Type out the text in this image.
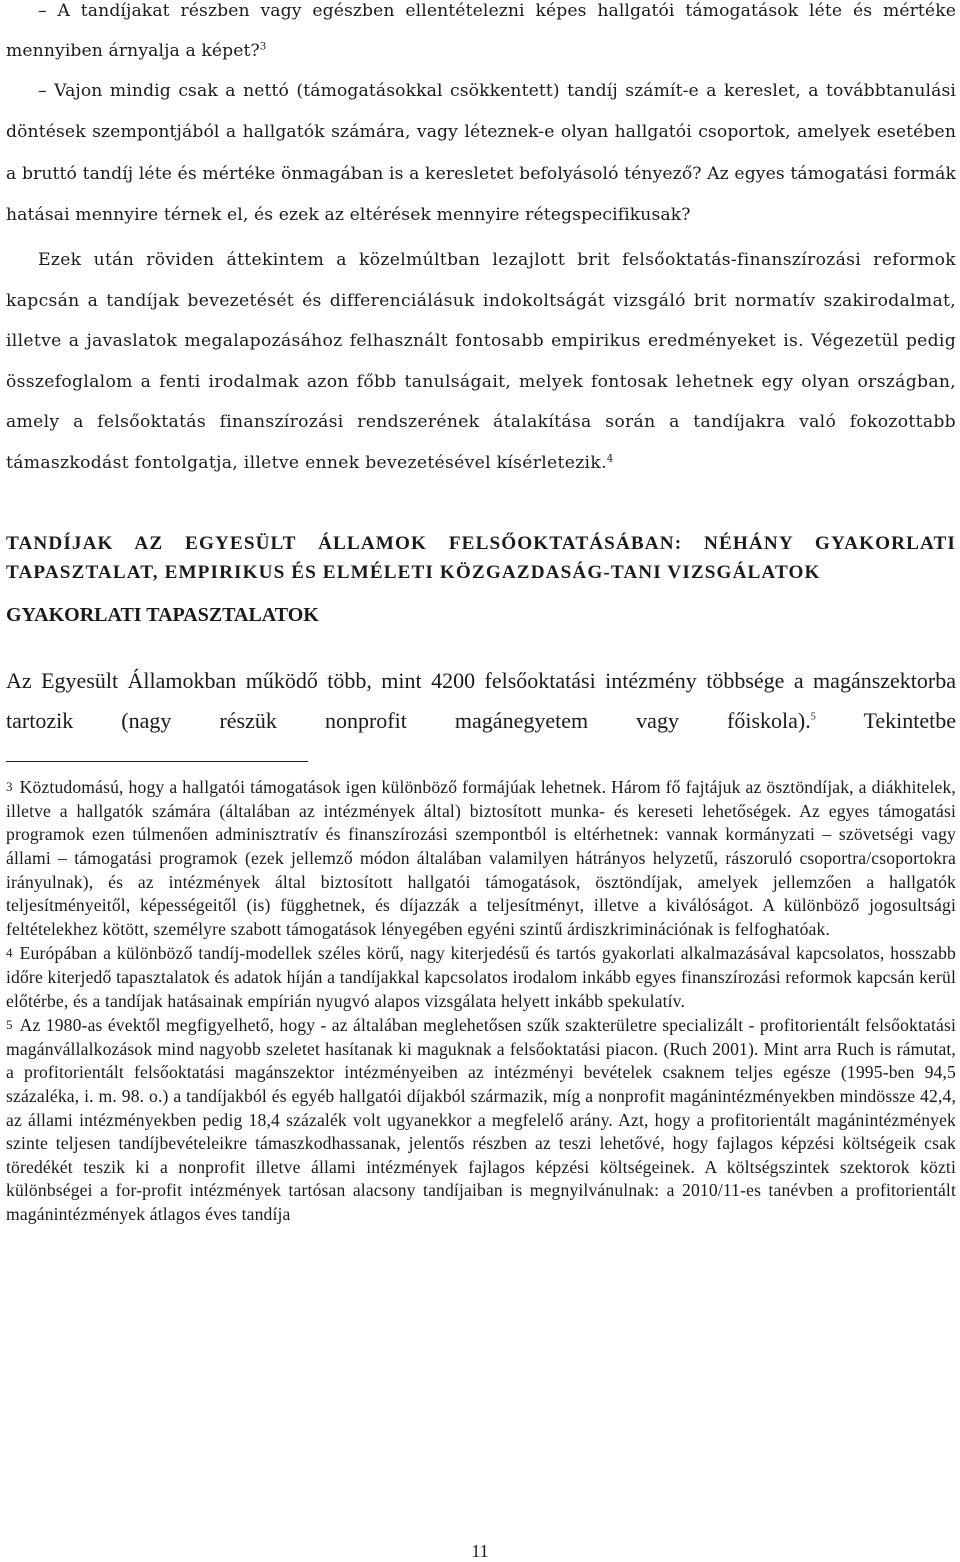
– A tandíjakat részben vagy egészben ellentételezni képes hallgatói támogatások léte és mértéke mennyiben árnyalja a képet?$^3$

– Vajon mindig csak a nettó (támogatásokkal csökkentett) tandíj számít-e a kereslet, a továbbtanulási döntések szempontjából a hallgatók számára, vagy léteznek-e olyan hallgatói csoportok, amelyek esetében a bruttó tandíj léte és mértéke önmagában is a keresletet befolyásoló tényező? Az egyes támogatási formák hatásai mennyire térnek el, és ezek az eltérések mennyire rétegspecifikusak?

Ezek után röviden áttekintem a közelmúltban lezajlott brit felsőoktatás-finanszírozási reformok kapcsán a tandíjak bevezetését és differenciálásuk indokoltságát vizsgáló brit normatív szakirodalmat, illetve a javaslatok megalapozásához felhasznált fontosabb empirikus eredményeket is. Végezetül pedig összefoglalom a fenti irodalmak azon főbb tanulságait, melyek fontosak lehetnek egy olyan országban, amely a felsőoktatás finanszírozási rendszerének átalakítása során a tandíjakra való fokozottabb támaszkodást fontolgatja, illetve ennek bevezetésével kísérletezik.$^4$

TANDÍJAK AZ EGYESÜLT ÁLLAMOK FELSŐOKTATÁSÁBAN: NÉHÁNY GYAKORLATI TAPASZTALAT, EMPIRIKUS ÉS ELMÉLETI KÖZGAZDASÁG-TANI VIZSGÁLATOK
GYAKORLATI TAPASZTALATOK

Az Egyesült Államokban működő több, mint 4200 felsőoktatási intézmény többsége a magánszektorba tartozik (nagy részük nonprofit magánegyetem vagy főiskola).$^5$ Tekintetbe

3 Köztudomású, hogy a hallgatói támogatások igen különböző formájúak lehetnek. Három fő fajtájuk az ösztöndíjak, a diákhitelek, illetve a hallgatók számára (általában az intézmények által) biztosított munka- és kereseti lehetőségek. Az egyes támogatási programok ezen túlmenően adminisztratív és finanszírozási szempontból is eltérhetnek: vannak kormányzati – szövetségi vagy állami – támogatási programok (ezek jellemző módon általában valamilyen hátrányos helyzetű, rászoruló csoportra/csoportokra irányulnak), és az intézmények által biztosított hallgatói támogatások, ösztöndíjak, amelyek jellemzően a hallgatók teljesítményeitől, képességeitől (is) függhetnek, és díjazzák a teljesítményt, illetve a kiválóságot. A különböző jogosultsági feltételekhez kötött, személyre szabott támogatások lényegében egyéni szintű árdiszkriminációnak is felfoghatóak.

4 Európában a különböző tandíj-modellek széles körű, nagy kiterjedésű és tartós gyakorlati alkalmazásával kapcsolatos, hosszabb időre kiterjedő tapasztalatok és adatok híján a tandíjakkal kapcsolatos irodalom inkább egyes finanszírozási reformok kapcsán kerül előtérbe, és a tandíjak hatásainak empírián nyugvó alapos vizsgálata helyett inkább spekulatív.

5 Az 1980-as évektől megfigyelhető, hogy - az általában meglehetősen szűk szakterületre specializált - profitorientált felsőoktatási magánvállalkozások mind nagyobb szeletet hasítanak ki maguknak a felsőoktatási piacon. (Ruch 2001). Mint arra Ruch is rámutat, a profitorientált felsőoktatási magánszektor intézményeiben az intézményi bevételek csaknem teljes egésze (1995-ben 94,5 százaléka, i. m. 98. o.) a tandíjakból és egyéb hallgatói díjakból származik, míg a nonprofit magánintézményekben mindössze 42,4, az állami intézményekben pedig 18,4 százalék volt ugyanekkor a megfelelő arány. Azt, hogy a profitorientált magánintézmények szinte teljesen tandíjbevételeikre támaszkodhassanak, jelentős részben az teszi lehetővé, hogy fajlagos képzési költségeik csak töredékét teszik ki a nonprofit illetve állami intézmények fajlagos képzési költségeinek. A költségszintek szektorok közti különbségei a for-profit intézmények tartósan alacsony tandíjaiban is megnyilvánulnak: a 2010/11-es tanévben a profitorientált magánintézmények átlagos éves tandíja

11
